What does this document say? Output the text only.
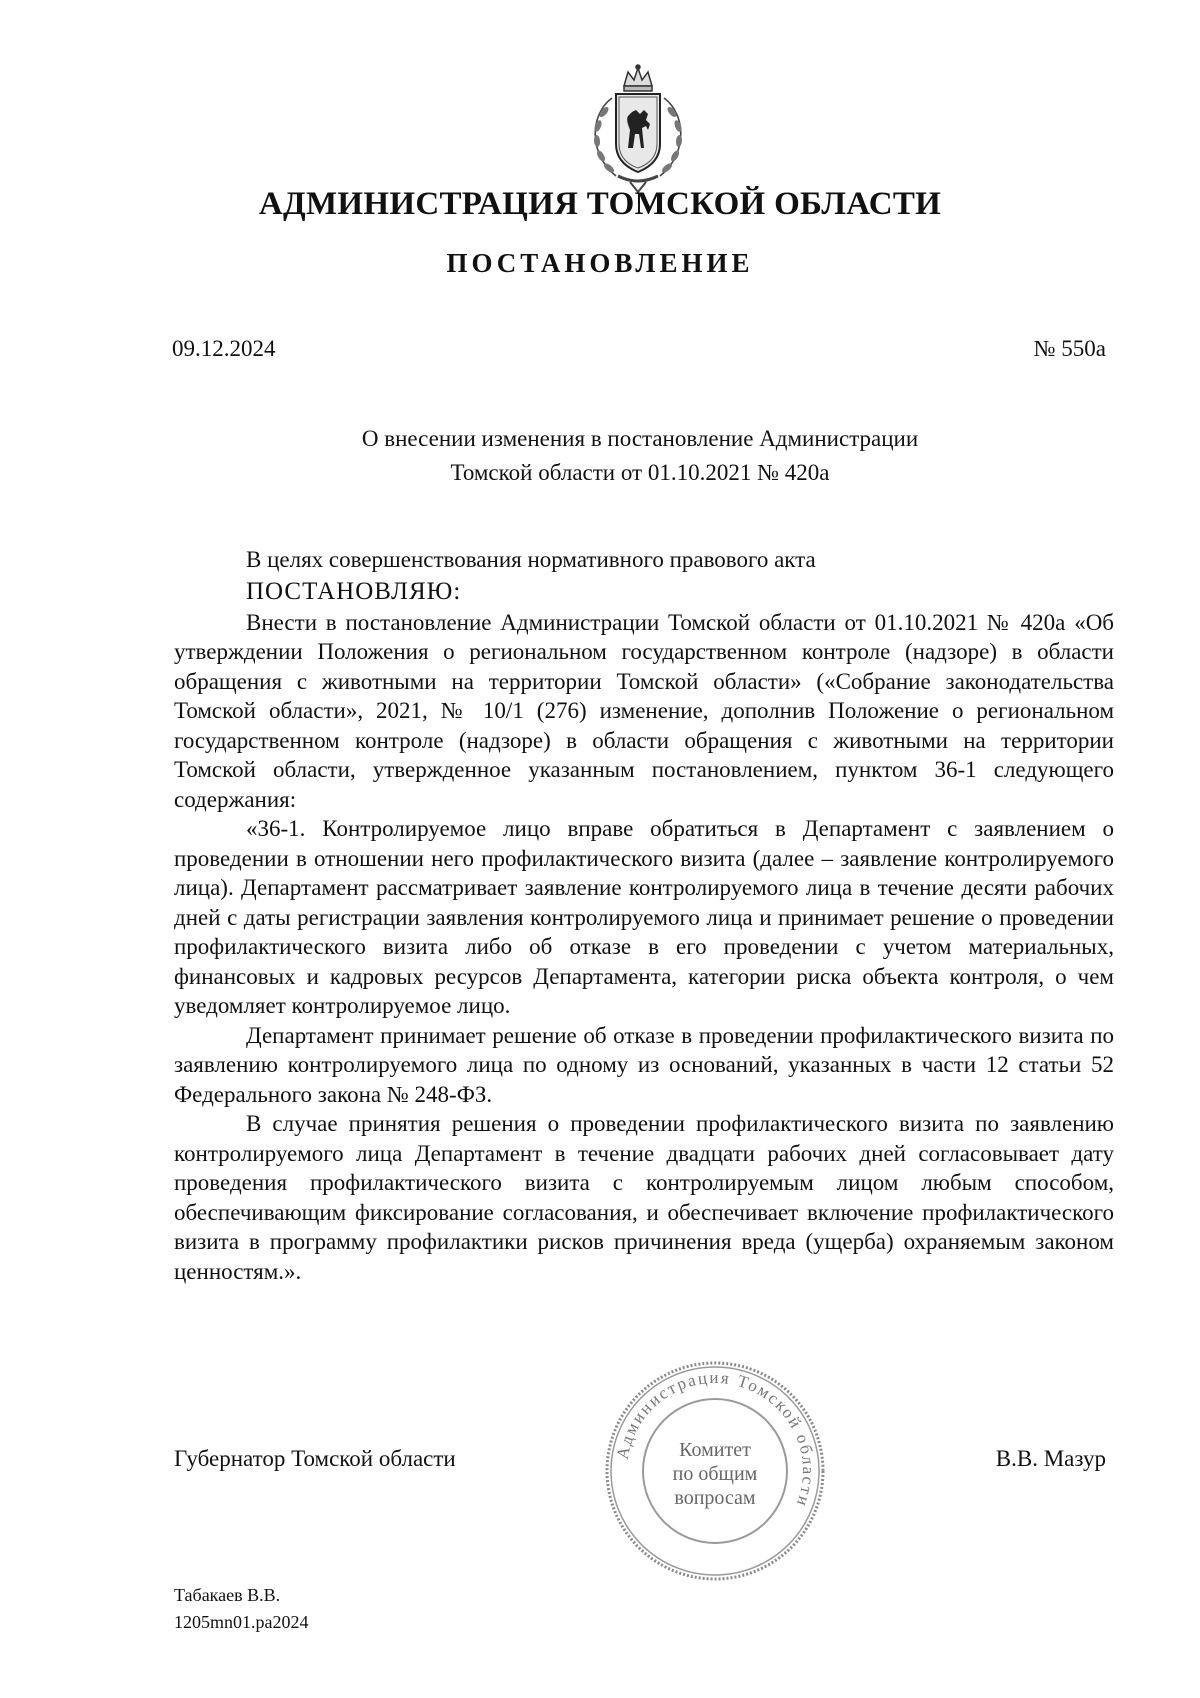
АДМИНИСТРАЦИЯ ТОМСКОЙ ОБЛАСТИ
ПОСТАНОВЛЕНИЕ
09.12.2024	№ 550а
О внесении изменения в постановление Администрации
Томской области от 01.10.2021 № 420а

В целях совершенствования нормативного правового акта

ПОСТАНОВЛЯЮ:

Внести в постановление Администрации Томской области от 01.10.2021 № 420а «Об утверждении Положения о региональном государственном контроле (надзоре) в области обращения с животными на территории Томской области» («Собрание законодательства Томской области», 2021, № 10/1 (276) изменение, дополнив Положение о региональном государственном контроле (надзоре) в области обращения с животными на территории Томской области, утвержденное указанным постановлением, пунктом 36-1 следующего содержания:

«36-1. Контролируемое лицо вправе обратиться в Департамент с заявлением о проведении в отношении него профилактического визита (далее – заявление контролируемого лица). Департамент рассматривает заявление контролируемого лица в течение десяти рабочих дней с даты регистрации заявления контролируемого лица и принимает решение о проведении профилактического визита либо об отказе в его проведении с учетом материальных, финансовых и кадровых ресурсов Департамента, категории риска объекта контроля, о чем уведомляет контролируемое лицо.

Департамент принимает решение об отказе в проведении профилактического визита по заявлению контролируемого лица по одному из оснований, указанных в части 12 статьи 52 Федерального закона № 248-ФЗ.

В случае принятия решения о проведении профилактического визита по заявлению контролируемого лица Департамент в течение двадцати рабочих дней согласовывает дату проведения профилактического визита с контролируемым лицом любым способом, обеспечивающим фиксирование согласования, и обеспечивает включение профилактического визита в программу профилактики рисков причинения вреда (ущерба) охраняемым законом ценностям.».

Губернатор Томской области	В.В. Мазур
Администрация Томской области
Комитет
по общим
вопросам
Табакаев В.В.
1205mn01.pa2024
